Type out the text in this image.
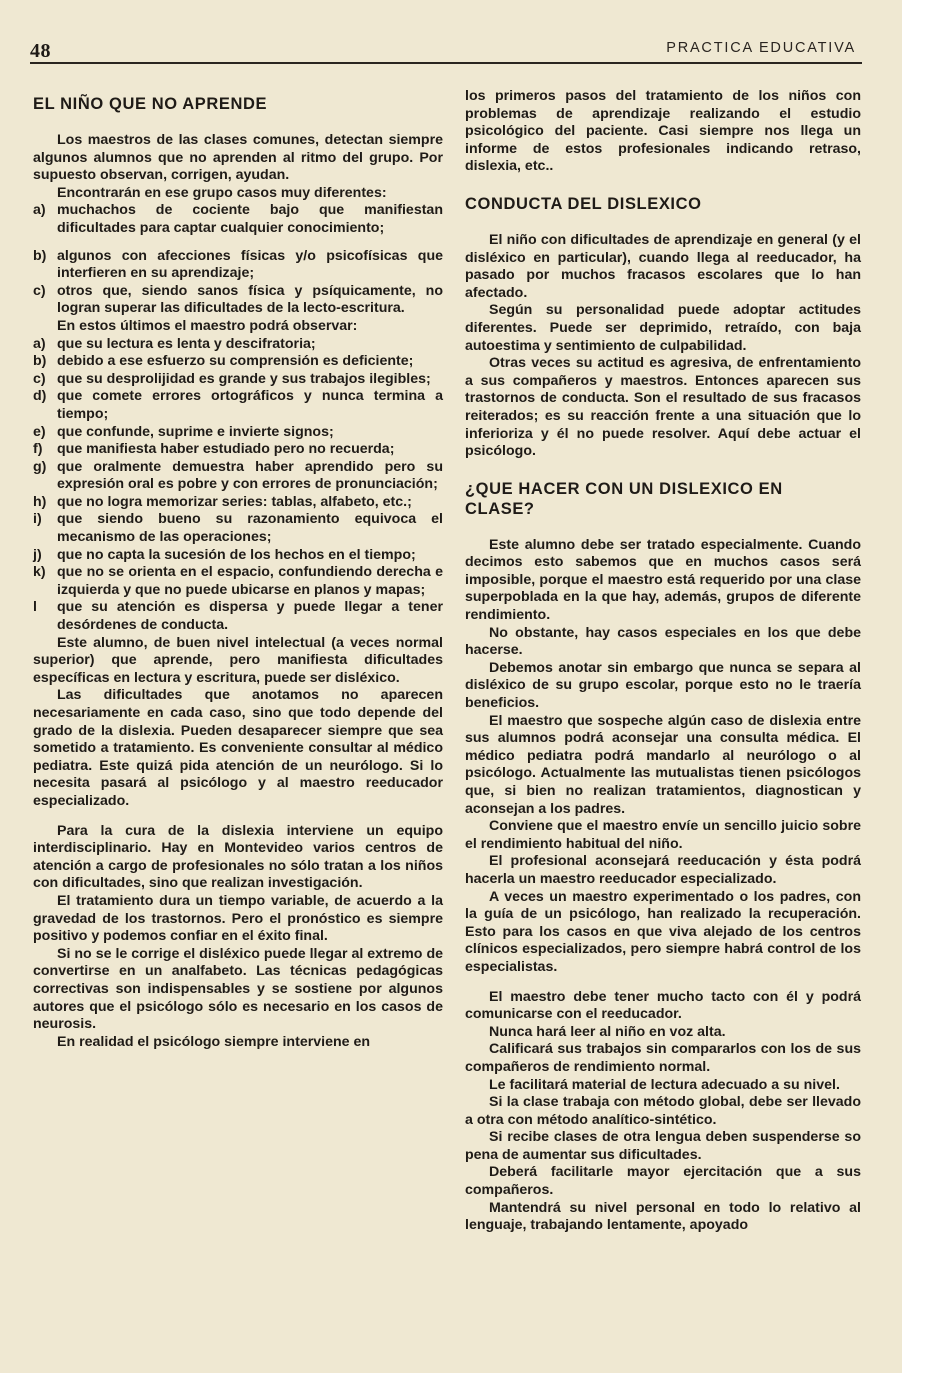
48	PRACTICA EDUCATIVA
EL NIÑO QUE NO APRENDE

Los maestros de las clases comunes, detectan siempre algunos alumnos que no aprenden al ritmo del grupo. Por supuesto observan, corrigen, ayudan.

Encontrarán en ese grupo casos muy diferentes:

a) muchachos de cociente bajo que manifiestan dificultades para captar cualquier conocimiento;
b) algunos con afecciones físicas y/o psicofísicas que interfieren en su aprendizaje;
c) otros que, siendo sanos física y psíquicamente, no logran superar las dificultades de la lecto-escritura.

En estos últimos el maestro podrá observar:

a) que su lectura es lenta y descifratoria;
b) debido a ese esfuerzo su comprensión es deficiente;
c) que su desprolijidad es grande y sus trabajos ilegibles;
d) que comete errores ortográficos y nunca termina a tiempo;
e) que confunde, suprime e invierte signos;
f)	que manifiesta haber estudiado pero no recuerda;
g) que oralmente demuestra haber aprendido pero su expresión oral es pobre y con errores de pronunciación;
h) que no logra memorizar series: tablas, alfabeto, etc.;
i)	que siendo bueno su razonamiento equivoca el mecanismo de las operaciones;
j)	que no capta la sucesión de los hechos en el tiempo;
k) que no se orienta en el espacio, confundiendo derecha e izquierda y que no puede ubicarse en planos y mapas;
l	que su atención es dispersa y puede llegar a tener desórdenes de conducta.

Este alumno, de buen nivel intelectual (a veces normal superior) que aprende, pero manifiesta dificultades específicas en lectura y escritura, puede ser disléxico.

Las dificultades que anotamos no aparecen necesariamente en cada caso, sino que todo depende del grado de la dislexia. Pueden desaparecer siempre que sea sometido a tratamiento. Es conveniente consultar al médico pediatra. Este quizá pida atención de un neurólogo. Si lo necesita pasará al psicólogo y al maestro reeducador especializado.

Para la cura de la dislexia interviene un equipo interdisciplinario. Hay en Montevideo varios centros de atención a cargo de profesionales no sólo tratan a los niños con dificultades, sino que realizan investigación.

El tratamiento dura un tiempo variable, de acuerdo a la gravedad de los trastornos. Pero el pronóstico es siempre positivo y podemos confiar en el éxito final.

Si no se le corrige el disléxico puede llegar al extremo de convertirse en un analfabeto. Las técnicas pedagógicas correctivas son indispensables y se sostiene por algunos autores que el psicólogo sólo es necesario en los casos de neurosis.

En realidad el psicólogo siempre interviene en

los primeros pasos del tratamiento de los niños con problemas de aprendizaje realizando el estudio psicológico del paciente. Casi siempre nos llega un informe de estos profesionales indicando retraso, dislexia, etc..

CONDUCTA DEL DISLEXICO

El niño con dificultades de aprendizaje en general (y el disléxico en particular), cuando llega al reeducador, ha pasado por muchos fracasos escolares que lo han afectado.

Según su personalidad puede adoptar actitudes diferentes. Puede ser deprimido, retraído, con baja autoestima y sentimiento de culpabilidad.

Otras veces su actitud es agresiva, de enfrentamiento a sus compañeros y maestros. Entonces aparecen sus trastornos de conducta. Son el resultado de sus fracasos reiterados; es su reacción frente a una situación que lo inferioriza y él no puede resolver. Aquí debe actuar el psicólogo.

¿QUE HACER CON UN DISLEXICO EN CLASE?

Este alumno debe ser tratado especialmente. Cuando decimos esto sabemos que en muchos casos será imposible, porque el maestro está requerido por una clase superpoblada en la que hay, además, grupos de diferente rendimiento.

No obstante, hay casos especiales en los que debe hacerse.

Debemos anotar sin embargo que nunca se separa al disléxico de su grupo escolar, porque esto no le traería beneficios.

El maestro que sospeche algún caso de dislexia entre sus alumnos podrá aconsejar una consulta médica. El médico pediatra podrá mandarlo al neurólogo o al psicólogo. Actualmente las mutualistas tienen psicólogos que, si bien no realizan tratamientos, diagnostican y aconsejan a los padres.

Conviene que el maestro envíe un sencillo juicio sobre el rendimiento habitual del niño.

El profesional aconsejará reeducación y ésta podrá hacerla un maestro reeducador especializado.

A veces un maestro experimentado o los padres, con la guía de un psicólogo, han realizado la recuperación. Esto para los casos en que viva alejado de los centros clínicos especializados, pero siempre habrá control de los especialistas.

El maestro debe tener mucho tacto con él y podrá comunicarse con el reeducador.

Nunca hará leer al niño en voz alta.

Calificará sus trabajos sin compararlos con los de sus compañeros de rendimiento normal.

Le facilitará material de lectura adecuado a su nivel.

Si la clase trabaja con método global, debe ser llevado a otra con método analítico-sintético.

Si recibe clases de otra lengua deben suspenderse so pena de aumentar sus dificultades.

Deberá facilitarle mayor ejercitación que a sus compañeros.

Mantendrá su nivel personal en todo lo relativo al lenguaje, trabajando lentamente, apoyado
